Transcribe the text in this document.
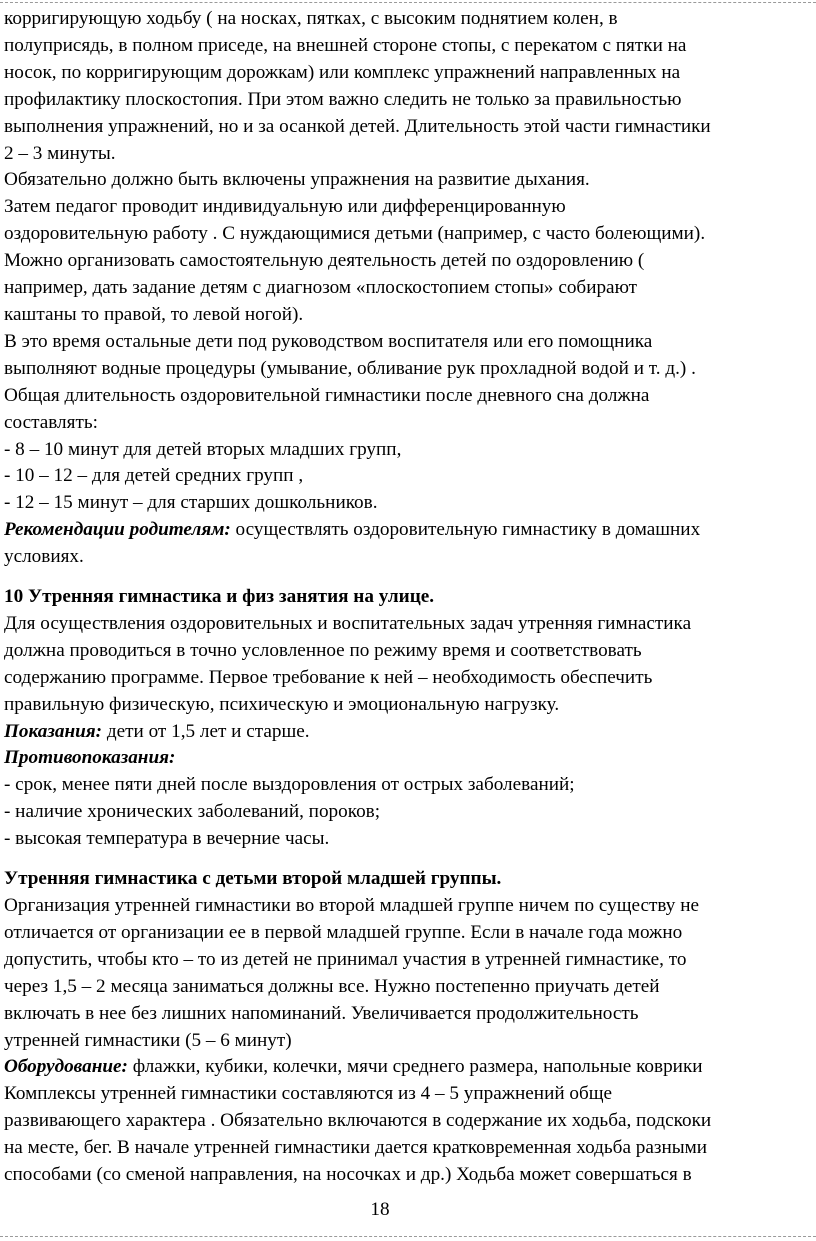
корригирующую ходьбу ( на носках, пятках, с высоким поднятием колен, в

полуприсядь, в полном приседе, на внешней стороне стопы, с перекатом с пятки на

носок, по корригирующим дорожкам) или комплекс упражнений направленных на

профилактику плоскостопия. При этом важно следить не только за правильностью

выполнения упражнений, но и за осанкой детей. Длительность этой части гимнастики

2 – 3 минуты.

Обязательно должно быть включены упражнения на развитие дыхания.

Затем педагог проводит индивидуальную или дифференцированную

оздоровительную работу . С нуждающимися детьми (например, с часто болеющими).

Можно организовать самостоятельную деятельность детей по оздоровлению (

например, дать задание детям с диагнозом «плоскостопием стопы» собирают

каштаны то правой, то левой ногой).

В это время остальные дети под руководством воспитателя или его помощника

выполняют водные процедуры (умывание, обливание рук прохладной водой и т. д.) .

Общая длительность оздоровительной гимнастики после дневного сна должна

составлять:

- 8 – 10 минут для детей вторых младших групп,

- 10 – 12 – для детей средних групп ,

- 12 – 15 минут – для старших дошкольников.

Рекомендации родителям: осуществлять оздоровительную гимнастику в домашних

условиях.

10 Утренняя гимнастика и физ занятия на улице.

Для осуществления оздоровительных и воспитательных задач утренняя гимнастика

должна проводиться в точно условленное по режиму время и соответствовать

содержанию программе. Первое требование к ней – необходимость обеспечить

правильную физическую, психическую и эмоциональную нагрузку.

Показания: дети от 1,5 лет и старше.

Противопоказания:

- срок, менее пяти дней после выздоровления от острых заболеваний;

- наличие хронических заболеваний, пороков;

- высокая температура в вечерние часы.

Утренняя гимнастика с детьми второй младшей группы.

Организация утренней гимнастики во второй младшей группе ничем по существу не

отличается от организации ее в первой младшей группе. Если в начале года можно

допустить, чтобы кто – то из детей не принимал участия в утренней гимнастике, то

через 1,5 – 2 месяца заниматься должны все. Нужно постепенно приучать детей

включать в нее без лишних напоминаний. Увеличивается продолжительность

утренней гимнастики (5 – 6 минут)

Оборудование: флажки, кубики, колечки, мячи среднего размера, напольные коврики

Комплексы утренней гимнастики составляются из 4 – 5 упражнений обще

развивающего характера . Обязательно включаются в содержание их ходьба, подскоки

на месте, бег. В начале утренней гимнастики дается кратковременная ходьба разными

способами (со сменой направления, на носочках и др.) Ходьба может совершаться в

18
